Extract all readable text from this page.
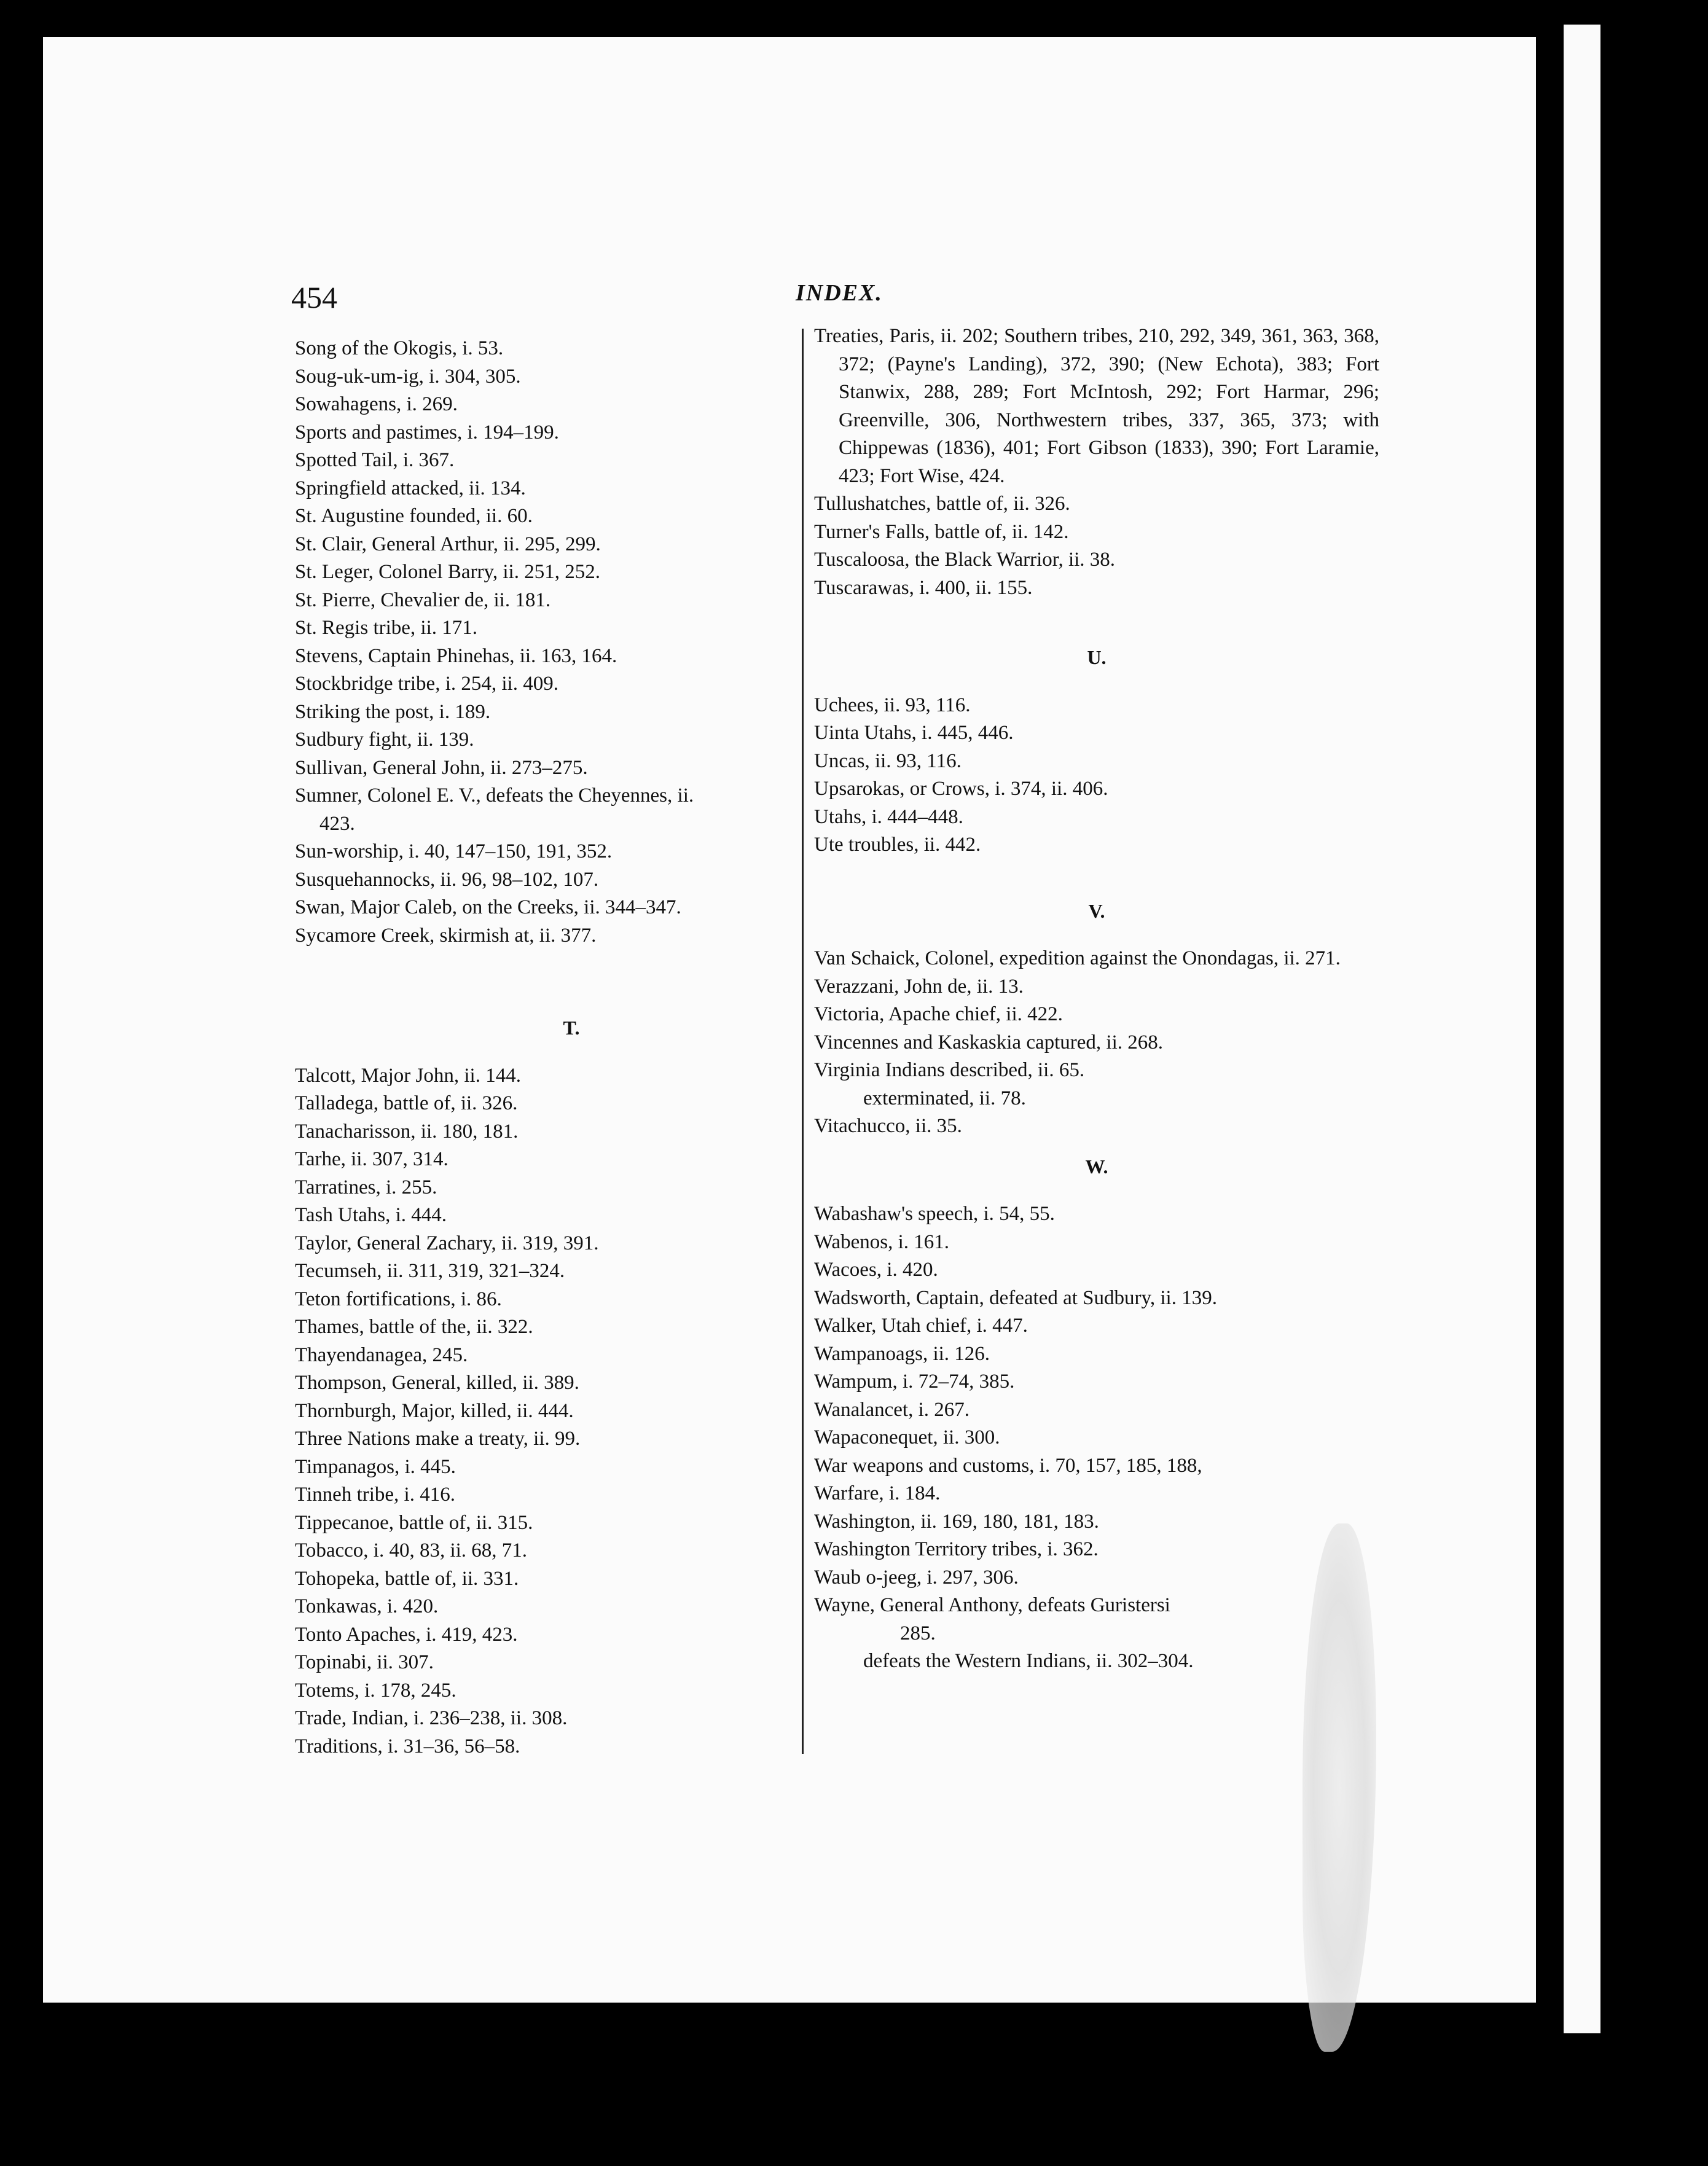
454	INDEX.
Song of the Okogis, i. 53.
Soug-uk-um-ig, i. 304, 305.
Sowahagens, i. 269.
Sports and pastimes, i. 194–199.
Spotted Tail, i. 367.
Springfield attacked, ii. 134.
St. Augustine founded, ii. 60.
St. Clair, General Arthur, ii. 295, 299.
St. Leger, Colonel Barry, ii. 251, 252.
St. Pierre, Chevalier de, ii. 181.
St. Regis tribe, ii. 171.
Stevens, Captain Phinehas, ii. 163, 164.
Stockbridge tribe, i. 254, ii. 409.
Striking the post, i. 189.
Sudbury fight, ii. 139.
Sullivan, General John, ii. 273–275.
Sumner, Colonel E. V., defeats the Cheyennes, ii.
423.
Sun-worship, i. 40, 147–150, 191, 352.
Susquehannocks, ii. 96, 98–102, 107.
Swan, Major Caleb, on the Creeks, ii. 344–347.
Sycamore Creek, skirmish at, ii. 377.
T.
Talcott, Major John, ii. 144.
Talladega, battle of, ii. 326.
Tanacharisson, ii. 180, 181.
Tarhe, ii. 307, 314.
Tarratines, i. 255.
Tash Utahs, i. 444.
Taylor, General Zachary, ii. 319, 391.
Tecumseh, ii. 311, 319, 321–324.
Teton fortifications, i. 86.
Thames, battle of the, ii. 322.
Thayendanagea, 245.
Thompson, General, killed, ii. 389.
Thornburgh, Major, killed, ii. 444.
Three Nations make a treaty, ii. 99.
Timpanagos, i. 445.
Tinneh tribe, i. 416.
Tippecanoe, battle of, ii. 315.
Tobacco, i. 40, 83, ii. 68, 71.
Tohopeka, battle of, ii. 331.
Tonkawas, i. 420.
Tonto Apaches, i. 419, 423.
Topinabi, ii. 307.
Totems, i. 178, 245.
Trade, Indian, i. 236–238, ii. 308.
Traditions, i. 31–36, 56–58.
Treaties, Paris, ii. 202; Southern tribes, 210, 292, 349, 361, 363, 368, 372; (Payne's Landing), 372, 390; (New Echota), 383; Fort Stanwix, 288, 289; Fort McIntosh, 292; Fort Harmar, 296; Greenville, 306, Northwestern tribes, 337, 365, 373; with Chippewas (1836), 401; Fort Gibson (1833), 390; Fort Laramie, 423; Fort Wise, 424.
Tullushatches, battle of, ii. 326.
Turner's Falls, battle of, ii. 142.
Tuscaloosa, the Black Warrior, ii. 38.
Tuscarawas, i. 400, ii. 155.
U.
Uchees, ii. 93, 116.
Uinta Utahs, i. 445, 446.
Uncas, ii. 93, 116.
Upsarokas, or Crows, i. 374, ii. 406.
Utahs, i. 444–448.
Ute troubles, ii. 442.
V.
Van Schaick, Colonel, expedition against the Onondagas, ii. 271.
Verazzani, John de, ii. 13.
Victoria, Apache chief, ii. 422.
Vincennes and Kaskaskia captured, ii. 268.
Virginia Indians described, ii. 65.
exterminated, ii. 78.
Vitachucco, ii. 35.
W.
Wabashaw's speech, i. 54, 55.
Wabenos, i. 161.
Wacoes, i. 420.
Wadsworth, Captain, defeated at Sudbury, ii. 139.
Walker, Utah chief, i. 447.
Wampanoags, ii. 126.
Wampum, i. 72–74, 385.
Wanalancet, i. 267.
Wapaconequet, ii. 300.
War weapons and customs, i. 70, 157, 185, 188,
Warfare, i. 184.
Washington, ii. 169, 180, 181, 183.
Washington Territory tribes, i. 362.
Waub o-jeeg, i. 297, 306.
Wayne, General Anthony, defeats Guristersi
285.
defeats the Western Indians, ii. 302–304.
